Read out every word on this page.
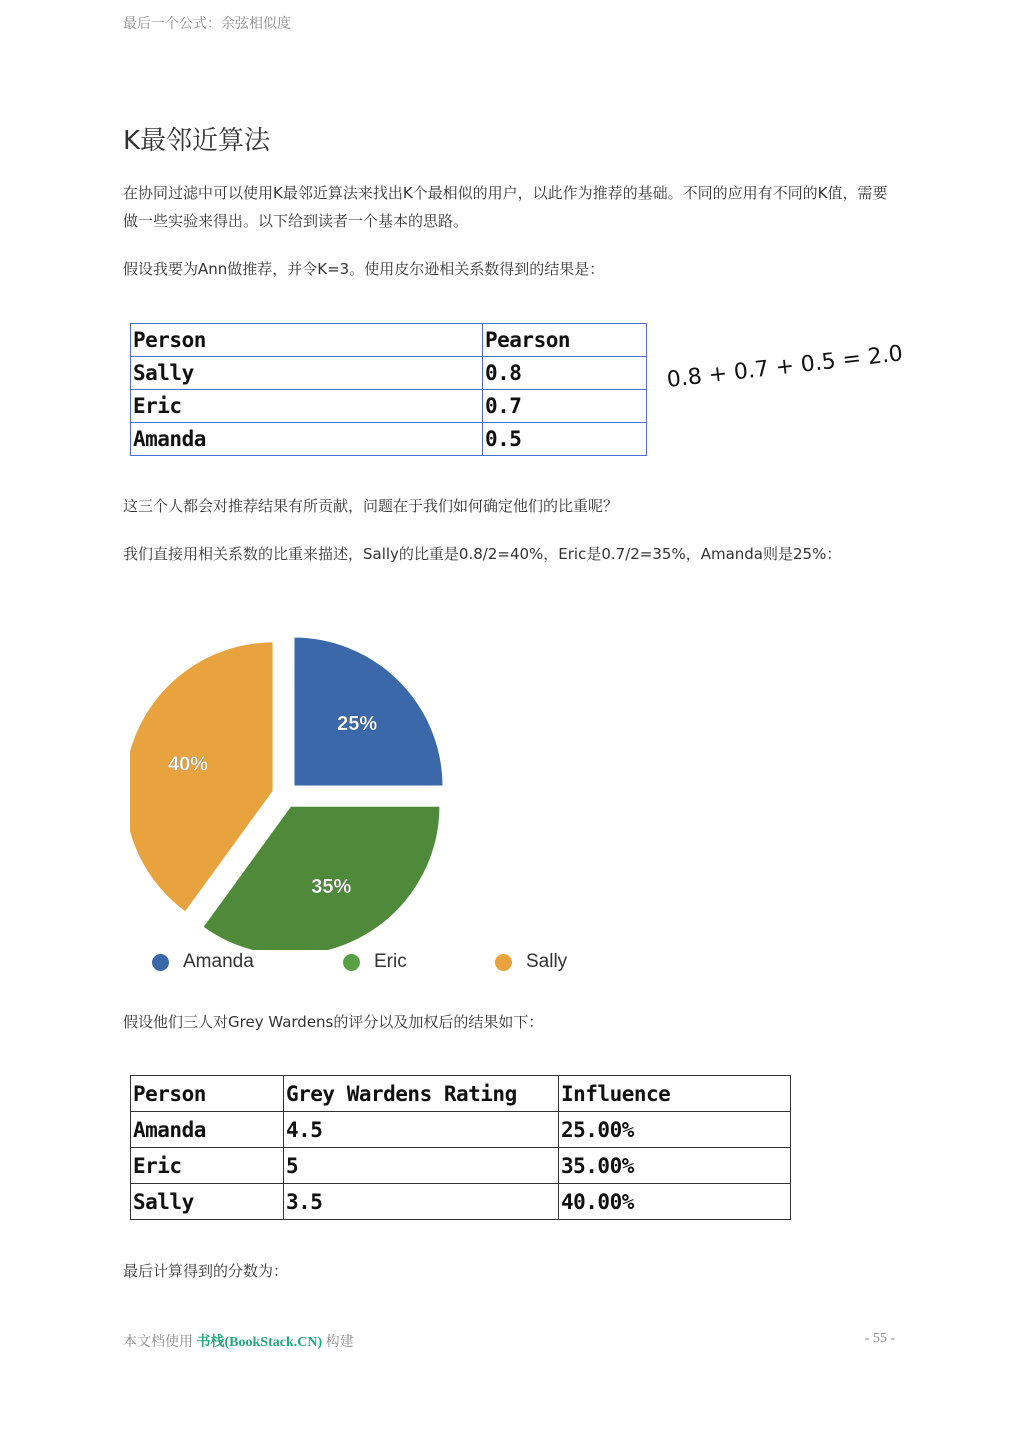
最后一个公式：余弦相似度
K最邻近算法

在协同过滤中可以使用K最邻近算法来找出K个最相似的用户，以此作为推荐的基础。不同的应用有不同的K值，需要做一些实验来得出。以下给到读者一个基本的思路。

假设我要为Ann做推荐，并令K=3。使用皮尔逊相关系数得到的结果是：

Person	Pearson
Sally	0.8
Eric	0.7
Amanda	0.5
0.8 + 0.7 + 0.5 = 2.0

这三个人都会对推荐结果有所贡献，问题在于我们如何确定他们的比重呢？

我们直接用相关系数的比重来描述，Sally的比重是0.8/2=40%，Eric是0.7/2=35%，Amanda则是25%：

25%
35%
40%
Amanda	Eric	Sally

假设他们三人对Grey Wardens的评分以及加权后的结果如下：

Person	Grey Wardens Rating	Influence
Amanda	4.5	25.00%
Eric	5	35.00%
Sally	3.5	40.00%

最后计算得到的分数为：

本文档使用 书栈(BookStack.CN) 构建	- 55 -
